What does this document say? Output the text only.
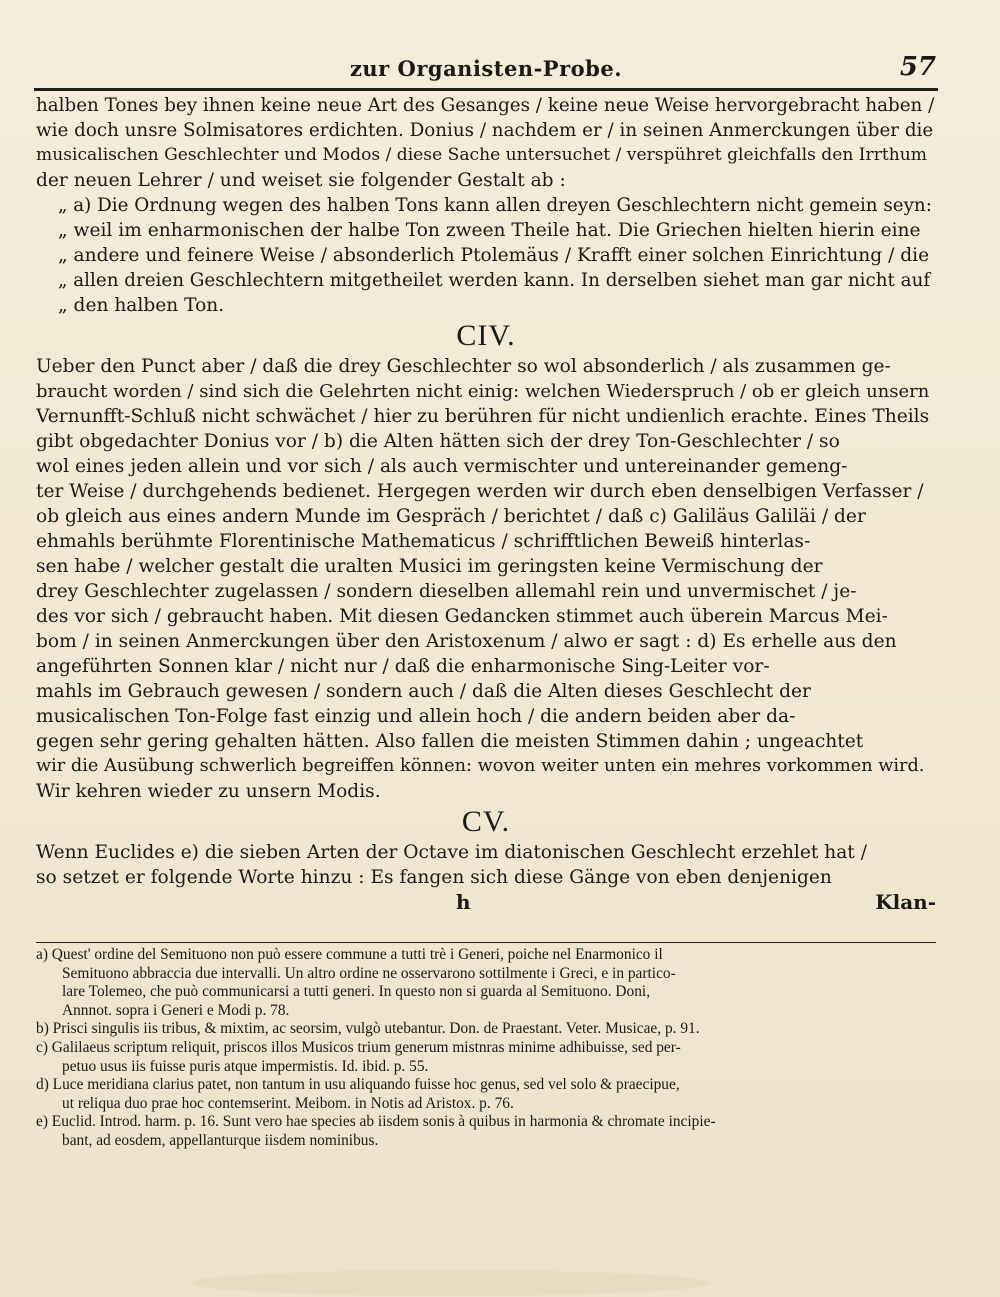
zur Organisten-Probe.	57
halben Tones bey ihnen keine neue Art des Gesanges / keine neue Weise hervorgebracht haben /
wie doch unsre Solmisatores erdichten. Donius / nachdem er / in seinen Anmerckungen über die
musicalischen Geschlechter und Modos / diese Sache untersuchet / verspühret gleichfalls den Irrthum
der neuen Lehrer / und weiset sie folgender Gestalt ab :
„ a) Die Ordnung wegen des halben Tons kann allen dreyen Geschlechtern nicht gemein seyn:
„ weil im enharmonischen der halbe Ton zween Theile hat. Die Griechen hielten hierin eine
„ andere und feinere Weise / absonderlich Ptolemäus / Krafft einer solchen Einrichtung / die
„ allen dreien Geschlechtern mitgetheilet werden kann. In derselben siehet man gar nicht auf
„ den halben Ton.
CIV.
Ueber den Punct aber / daß die drey Geschlechter so wol absonderlich / als zusammen ge-
braucht worden / sind sich die Gelehrten nicht einig: welchen Wiederspruch / ob er gleich unsern
Vernunfft-Schluß nicht schwächet / hier zu berühren für nicht undienlich erachte. Eines Theils
gibt obgedachter Donius vor / b) die Alten hätten sich der drey Ton-Geschlechter / so
wol eines jeden allein und vor sich / als auch vermischter und untereinander gemeng-
ter Weise / durchgehends bedienet. Hergegen werden wir durch eben denselbigen Verfasser /
ob gleich aus eines andern Munde im Gespräch / berichtet / daß c) Galiläus Galiläi / der
ehmahls berühmte Florentinische Mathematicus / schrifftlichen Beweiß hinterlas-
sen habe / welcher gestalt die uralten Musici im geringsten keine Vermischung der
drey Geschlechter zugelassen / sondern dieselben allemahl rein und unvermischet / je-
des vor sich / gebraucht haben. Mit diesen Gedancken stimmet auch überein Marcus Mei-
bom / in seinen Anmerckungen über den Aristoxenum / alwo er sagt : d) Es erhelle aus den
angeführten Sonnen klar / nicht nur / daß die enharmonische Sing-Leiter vor-
mahls im Gebrauch gewesen / sondern auch / daß die Alten dieses Geschlecht der
musicalischen Ton-Folge fast einzig und allein hoch / die andern beiden aber da-
gegen sehr gering gehalten hätten. Also fallen die meisten Stimmen dahin ; ungeachtet
wir die Ausübung schwerlich begreiffen können: wovon weiter unten ein mehres vorkommen wird.
Wir kehren wieder zu unsern Modis.
CV.
Wenn Euclides e) die sieben Arten der Octave im diatonischen Geschlecht erzehlet hat /
so setzet er folgende Worte hinzu : Es fangen sich diese Gänge von eben denjenigen
h	Klan-
a) Quest' ordine del Semituono non può essere commune a tutti trè i Generi, poiche nel Enarmonico il
Semituono abbraccia due intervalli. Un altro ordine ne osservarono sottilmente i Greci, e in partico-
lare Tolemeo, che può communicarsi a tutti generi. In questo non si guarda al Semituono. Doni,
Annnot. sopra i Generi e Modi p. 78.
b) Prisci singulis iis tribus, & mixtim, ac seorsim, vulgò utebantur. Don. de Praestant. Veter. Musicae, p. 91.
c) Galilaeus scriptum reliquit, priscos illos Musicos trium generum mistnras minime adhibuisse, sed per-
petuo usus iis fuisse puris atque impermistis. Id. ibid. p. 55.
d) Luce meridiana clarius patet, non tantum in usu aliquando fuisse hoc genus, sed vel solo & praecipue,
ut reliqua duo prae hoc contemserint. Meibom. in Notis ad Aristox. p. 76.
e) Euclid. Introd. harm. p. 16. Sunt vero hae species ab iisdem sonis à quibus in harmonia & chromate incipie-
bant, ad eosdem, appellanturque iisdem nominibus.
